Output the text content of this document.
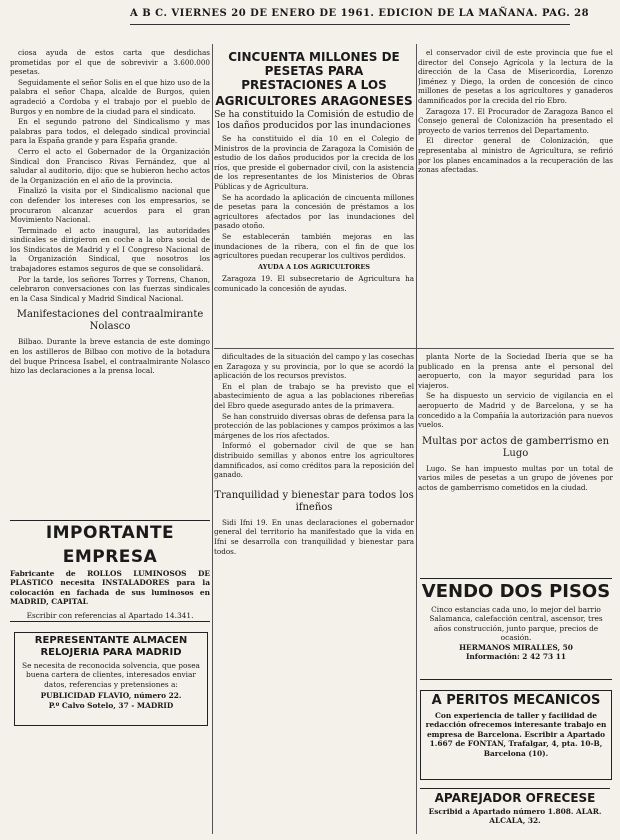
A B C. VIERNES 20 DE ENERO DE 1961. EDICION DE LA MAÑANA. PAG. 28

ciosa ayuda de estos carta que desdichas prometidas por el que de sobrevivir a 3.600.000 pesetas.

Seguidamente el señor Solis en el que hizo uso de la palabra el señor Chapa, alcalde de Burgos, quien agradeció a Cordoba y el trabajo por el pueblo de Burgos y en nombre de la ciudad para el sindicato.

En el segundo patrono del Sindicalismo y mas palabras para todos, el delegado sindical provincial para la España grande y para España grande.

Cerro el acto el Gobernador de la Organización Sindical don Francisco Rivas Fernández, que al saludar al auditorio, dijo: que se hubieron hecho actos de la Organización en el año de la provincia.

Finalizó la visita por el Sindicalismo nacional que con defender los intereses con los empresarios, se procuraron alcanzar acuerdos para el gran Movimiento Nacional.

Terminado el acto inaugural, las autoridades sindicales se dirigieron en coche a la obra social de los Sindicatos de Madrid y el I Congreso Nacional de la Organización Sindical, que nosotros los trabajadores estamos seguros de que se consolidará.

Por la tarde, los señores Torres y Torrens, Chanon, celebraron conversaciones con las fuerzas sindicales en la Casa Sindical y Madrid Sindical Nacional.

Manifestaciones del contraalmirante Nolasco

Bilbao. Durante la breve estancia de este domingo en los astilleros de Bilbao con motivo de la botadura del buque Princesa Isabel, el contraalmirante Nolasco hizo las declaraciones a la prensa local.

IMPORTANTE EMPRESA
Fabricante de ROLLOS LUMINOSOS DE PLASTICO necesita INSTALADORES para la colocación en fachada de sus luminosos en MADRID, CAPITAL
Escribir con referencias al Apartado 14.341.
REPRESENTANTE ALMACEN
RELOJERIA PARA MADRID
Se necesita de reconocida solvencia, que posea buena cartera de clientes, interesados enviar datos, referencias y pretensiones a:
PUBLICIDAD FLAVIO, número 22.
P.º Calvo Sotelo, 37 - MADRID
CINCUENTA MILLONES DE PESETAS PARA PRESTACIONES A LOS
AGRICULTORES ARAGONESES
Se ha constituido la Comisión de estudio de los daños producidos por las inundaciones

Se ha constituido el día 10 en el Colegio de Ministros de la provincia de Zaragoza la Comisión de estudio de los daños producidos por la crecida de los ríos, que preside el gobernador civil, con la asistencia de los representantes de los Ministerios de Obras Públicas y de Agricultura.

Se ha acordado la aplicación de cincuenta millones de pesetas para la concesión de préstamos a los agricultores afectados por las inundaciones del pasado otoño.

Se establecerán también mejoras en las inundaciones de la ribera, con el fin de que los agricultores puedan recuperar los cultivos perdidos.

AYUDA A LOS AGRICULTORES

Zaragoza 19. El subsecretario de Agricultura ha comunicado la concesión de ayudas.

dificultades de la situación del campo y las cosechas en Zaragoza y su provincia, por lo que se acordó la aplicación de los recursos previstos.

En el plan de trabajo se ha previsto que el abastecimiento de agua a las poblaciones ribereñas del Ebro quede asegurado antes de la primavera.

Se han construido diversas obras de defensa para la protección de las poblaciones y campos próximos a las márgenes de los ríos afectados.

Informó el gobernador civil de que se han distribuido semillas y abonos entre los agricultores damnificados, así como créditos para la reposición del ganado.

Tranquilidad y bienestar para todos los ifneños

Sidi Ifni 19. En unas declaraciones el gobernador general del territorio ha manifestado que la vida en Ifni se desarrolla con tranquilidad y bienestar para todos.

el conservador civil de este provincia que fue el director del Consejo Agrícola y la lectura de la dirección de la Casa de Misericordia, Lorenzo Jiménez y Diego, la orden de concesión de cinco millones de pesetas a los agricultores y ganaderos damnificados por la crecida del río Ebro.

Zaragoza 17. El Procurador de Zaragoza Banco el Consejo general de Colonización ha presentado el proyecto de varios terrenos del Departamento.

El director general de Colonización, que representaba al ministro de Agricultura, se refirió por los planes encaminados a la recuperación de las zonas afectadas.

planta Norte de la Sociedad Iberia que se ha publicado en la prensa ante el personal del aeropuerto, con la mayor seguridad para los viajeros.

Se ha dispuesto un servicio de vigilancia en el aeropuerto de Madrid y de Barcelona, y se ha concedido a la Compañía la autorización para nuevos vuelos.

Multas por actos de gamberrismo en Lugo

Lugo. Se han impuesto multas por un total de varios miles de pesetas a un grupo de jóvenes por actos de gamberrismo cometidos en la ciudad.

VENDO DOS PISOS
Cinco estancias cada uno, lo mejor del barrio Salamanca, calefacción central, ascensor, tres años construcción, junto parque, precios de ocasión.
HERMANOS MIRALLES, 50
Información: 2 42 73 11
A PERITOS MECANICOS
Con experiencia de taller y facilidad de redacción ofrecemos interesante trabajo en empresa de Barcelona. Escribir a Apartado 1.667 de FONTAN, Trafalgar, 4, pta. 10-B, Barcelona (10).
APAREJADOR OFRECESE
Escribid a Apartado número 1.808. ALAR. ALCALA, 32.
